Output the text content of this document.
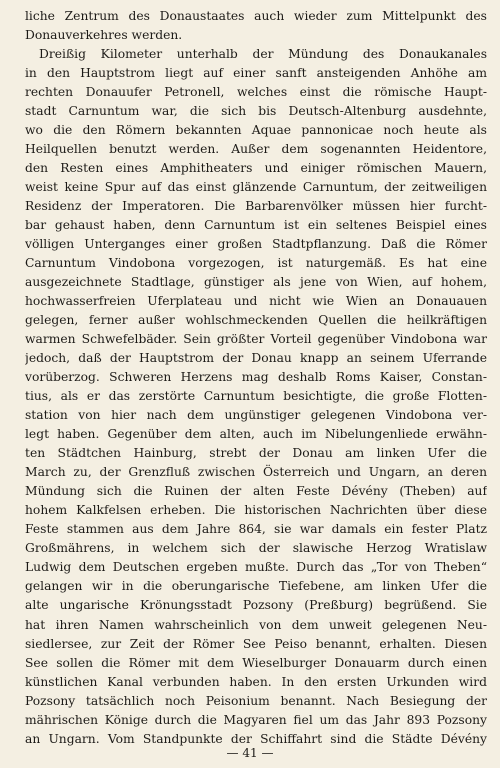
liche Zentrum des Donaustaates auch wieder zum Mittelpunkt des
Donauverkehres werden.
Dreißig Kilometer unterhalb der Mündung des Donaukanales
in den Hauptstrom liegt auf einer sanft ansteigenden Anhöhe am
rechten Donauufer Petronell, welches einst die römische Haupt-
stadt Carnuntum war, die sich bis Deutsch-Altenburg ausdehnte,
wo die den Römern bekannten Aquae pannonicae noch heute als
Heilquellen benutzt werden. Außer dem sogenannten Heidentore,
den Resten eines Amphitheaters und einiger römischen Mauern,
weist keine Spur auf das einst glänzende Carnuntum, der zeitweiligen
Residenz der Imperatoren. Die Barbarenvölker müssen hier furcht-
bar gehaust haben, denn Carnuntum ist ein seltenes Beispiel eines
völligen Unterganges einer großen Stadtpflanzung. Daß die Römer
Carnuntum Vindobona vorgezogen, ist naturgemäß. Es hat eine
ausgezeichnete Stadtlage, günstiger als jene von Wien, auf hohem,
hochwasserfreien Uferplateau und nicht wie Wien an Donauauen
gelegen, ferner außer wohlschmeckenden Quellen die heilkräftigen
warmen Schwefelbäder. Sein größter Vorteil gegenüber Vindobona war
jedoch, daß der Hauptstrom der Donau knapp an seinem Uferrande
vorüberzog. Schweren Herzens mag deshalb Roms Kaiser, Constan-
tius, als er das zerstörte Carnuntum besichtigte, die große Flotten-
station von hier nach dem ungünstiger gelegenen Vindobona ver-
legt haben. Gegenüber dem alten, auch im Nibelungenliede erwähn-
ten Städtchen Hainburg, strebt der Donau am linken Ufer die
March zu, der Grenzfluß zwischen Österreich und Ungarn, an deren
Mündung sich die Ruinen der alten Feste Dévény (Theben) auf
hohem Kalkfelsen erheben. Die historischen Nachrichten über diese
Feste stammen aus dem Jahre 864, sie war damals ein fester Platz
Großmährens, in welchem sich der slawische Herzog Wratislaw
Ludwig dem Deutschen ergeben mußte. Durch das „Tor von Theben“
gelangen wir in die oberungarische Tiefebene, am linken Ufer die
alte ungarische Krönungsstadt Pozsony (Preßburg) begrüßend. Sie
hat ihren Namen wahrscheinlich von dem unweit gelegenen Neu-
siedlersee, zur Zeit der Römer See Peiso benannt, erhalten. Diesen
See sollen die Römer mit dem Wieselburger Donauarm durch einen
künstlichen Kanal verbunden haben. In den ersten Urkunden wird
Pozsony tatsächlich noch Peisonium benannt. Nach Besiegung der
mährischen Könige durch die Magyaren fiel um das Jahr 893 Pozsony
an Ungarn. Vom Standpunkte der Schiffahrt sind die Städte Dévény
— 41 —
